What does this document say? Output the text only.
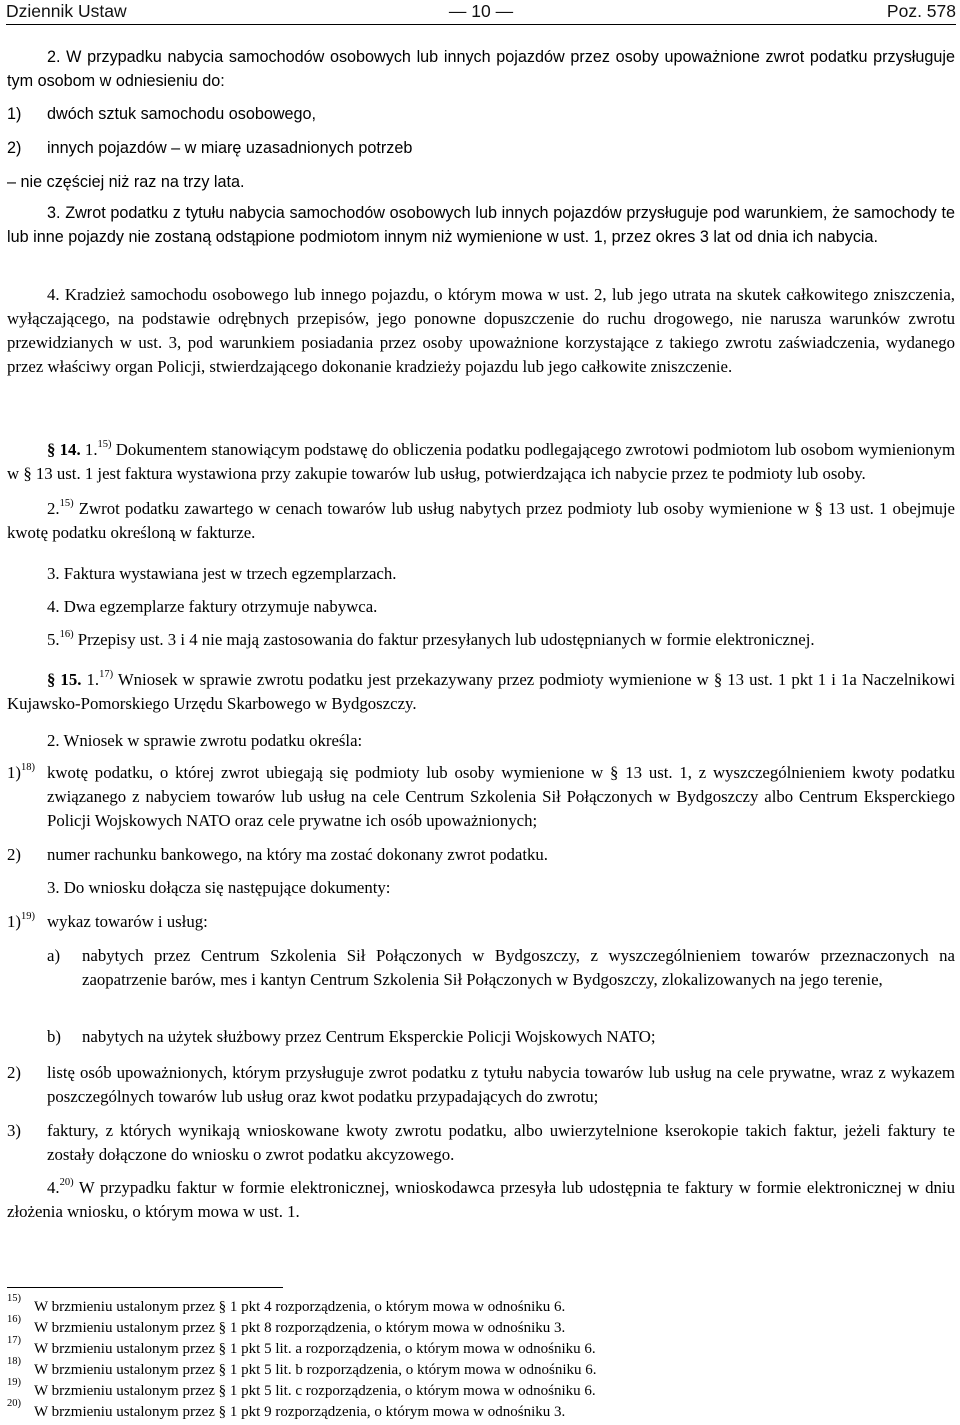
Dziennik Ustaw	— 10 —	Poz. 578
2. W przypadku nabycia samochodów osobowych lub innych pojazdów przez osoby upoważnione zwrot podatku przysługuje tym osobom w odniesieniu do:
1) dwóch sztuk samochodu osobowego,
2) innych pojazdów – w miarę uzasadnionych potrzeb
– nie częściej niż raz na trzy lata.
3. Zwrot podatku z tytułu nabycia samochodów osobowych lub innych pojazdów przysługuje pod warunkiem, że samochody te lub inne pojazdy nie zostaną odstąpione podmiotom innym niż wymienione w ust. 1, przez okres 3 lat od dnia ich nabycia.
4. Kradzież samochodu osobowego lub innego pojazdu, o którym mowa w ust. 2, lub jego utrata na skutek całkowitego zniszczenia, wyłączającego, na podstawie odrębnych przepisów, jego ponowne dopuszczenie do ruchu drogowego, nie narusza warunków zwrotu przewidzianych w ust. 3, pod warunkiem posiadania przez osoby upoważnione korzystające z takiego zwrotu zaświadczenia, wydanego przez właściwy organ Policji, stwierdzającego dokonanie kradzieży pojazdu lub jego całkowite zniszczenie.
§ 14. 1.$^{15)}$ Dokumentem stanowiącym podstawę do obliczenia podatku podlegającego zwrotowi podmiotom lub osobom wymienionym w § 13 ust. 1 jest faktura wystawiona przy zakupie towarów lub usług, potwierdzająca ich nabycie przez te podmioty lub osoby.
2.$^{15)}$ Zwrot podatku zawartego w cenach towarów lub usług nabytych przez podmioty lub osoby wymienione w § 13 ust. 1 obejmuje kwotę podatku określoną w fakturze.
3. Faktura wystawiana jest w trzech egzemplarzach.
4. Dwa egzemplarze faktury otrzymuje nabywca.
5.$^{16)}$ Przepisy ust. 3 i 4 nie mają zastosowania do faktur przesyłanych lub udostępnianych w formie elektronicznej.
§ 15. 1.$^{17)}$ Wniosek w sprawie zwrotu podatku jest przekazywany przez podmioty wymienione w § 13 ust. 1 pkt 1 i 1a Naczelnikowi Kujawsko-Pomorskiego Urzędu Skarbowego w Bydgoszczy.
2. Wniosek w sprawie zwrotu podatku określa:
1)$^{18)}$ kwotę podatku, o której zwrot ubiegają się podmioty lub osoby wymienione w § 13 ust. 1, z wyszczególnieniem kwoty podatku związanego z nabyciem towarów lub usług na cele Centrum Szkolenia Sił Połączonych w Bydgoszczy albo Centrum Eksperckiego Policji Wojskowych NATO oraz cele prywatne ich osób upoważnionych;
2) numer rachunku bankowego, na który ma zostać dokonany zwrot podatku.
3. Do wniosku dołącza się następujące dokumenty:
1)$^{19)}$ wykaz towarów i usług:
a) nabytych przez Centrum Szkolenia Sił Połączonych w Bydgoszczy, z wyszczególnieniem towarów przeznaczonych na zaopatrzenie barów, mes i kantyn Centrum Szkolenia Sił Połączonych w Bydgoszczy, zlokalizowanych na jego terenie,
b) nabytych na użytek służbowy przez Centrum Eksperckie Policji Wojskowych NATO;
2) listę osób upoważnionych, którym przysługuje zwrot podatku z tytułu nabycia towarów lub usług na cele prywatne, wraz z wykazem poszczególnych towarów lub usług oraz kwot podatku przypadających do zwrotu;
3) faktury, z których wynikają wnioskowane kwoty zwrotu podatku, albo uwierzytelnione kserokopie takich faktur, jeżeli faktury te zostały dołączone do wniosku o zwrot podatku akcyzowego.
4.$^{20)}$ W przypadku faktur w formie elektronicznej, wnioskodawca przesyła lub udostępnia te faktury w formie elektronicznej w dniu złożenia wniosku, o którym mowa w ust. 1.
15)
W brzmieniu ustalonym przez § 1 pkt 4 rozporządzenia, o którym mowa w odnośniku 6.
16)
W brzmieniu ustalonym przez § 1 pkt 8 rozporządzenia, o którym mowa w odnośniku 3.
17)
W brzmieniu ustalonym przez § 1 pkt 5 lit. a rozporządzenia, o którym mowa w odnośniku 6.
18)
W brzmieniu ustalonym przez § 1 pkt 5 lit. b rozporządzenia, o którym mowa w odnośniku 6.
19)
W brzmieniu ustalonym przez § 1 pkt 5 lit. c rozporządzenia, o którym mowa w odnośniku 6.
20)
W brzmieniu ustalonym przez § 1 pkt 9 rozporządzenia, o którym mowa w odnośniku 3.
